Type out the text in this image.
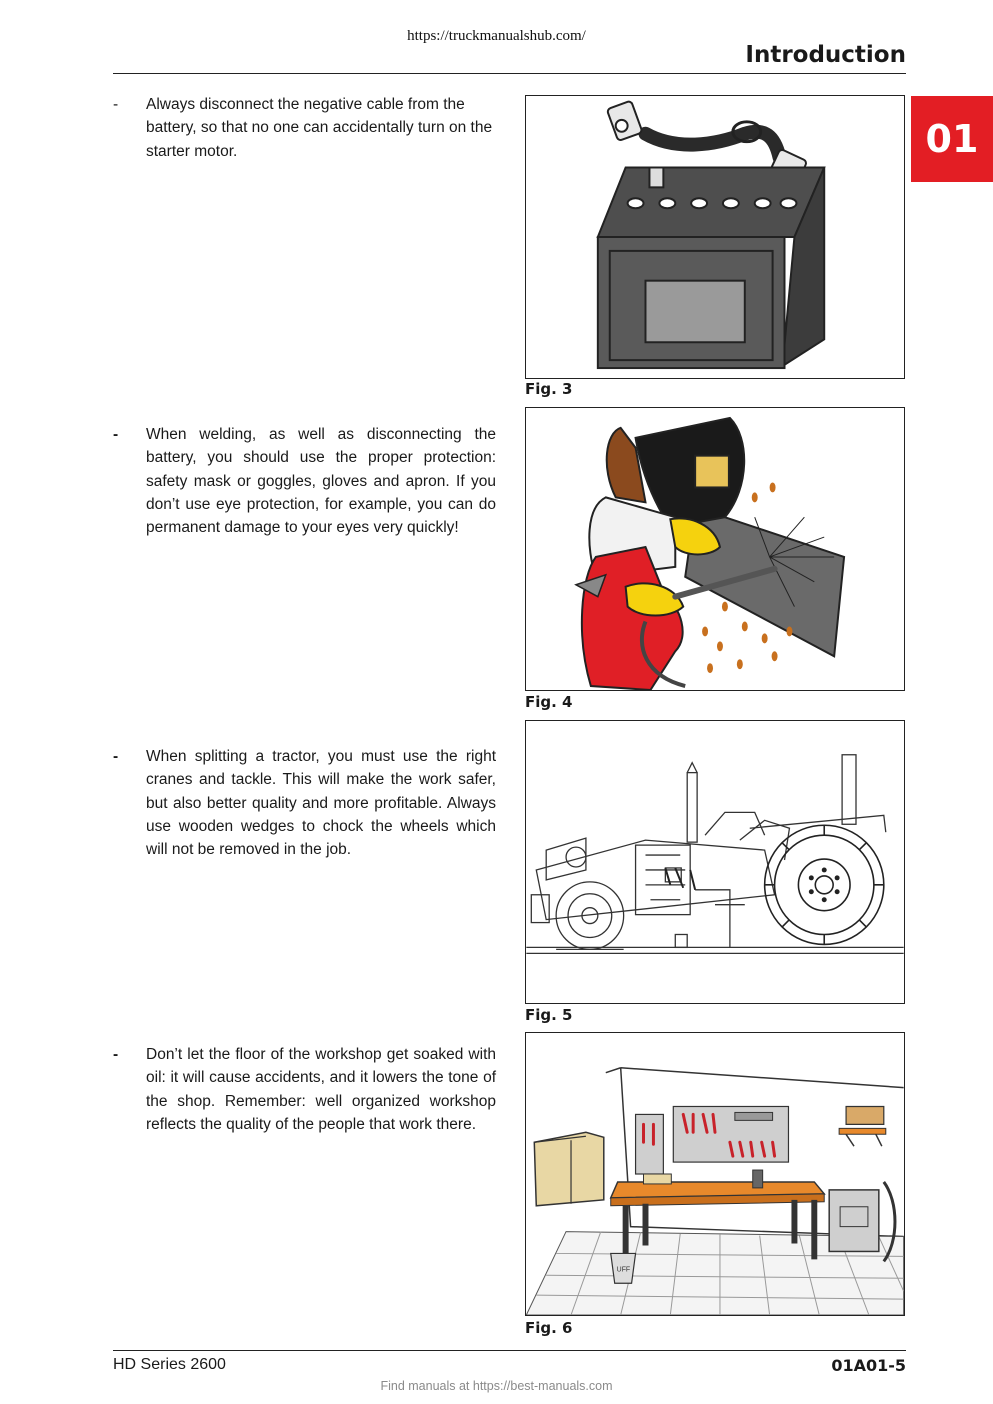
https://truckmanualshub.com/
Introduction
01
-	Always disconnect the negative cable from the battery, so that no one can accidentally turn on the starter motor.
Fig. 3
-	When welding, as well as disconnecting the battery, you should use the proper protection: safety mask or goggles, gloves and apron. If you don’t use eye protection, for example, you can do permanent damage to your eyes very quickly!
Fig. 4
-	When splitting a tractor, you must use the right cranes and tackle. This will make the work safer, but also better quality and more profitable. Always use wooden wedges to chock the wheels which will not be removed in the job.
Fig. 5
-	Don’t let the floor of the workshop get soaked with oil: it will cause accidents, and it lowers the tone of the shop. Remember: well organized workshop reflects the quality of the people that work there.
UFF
Fig. 6
HD Series 2600	01A01-5
Find manuals at https://best-manuals.com
